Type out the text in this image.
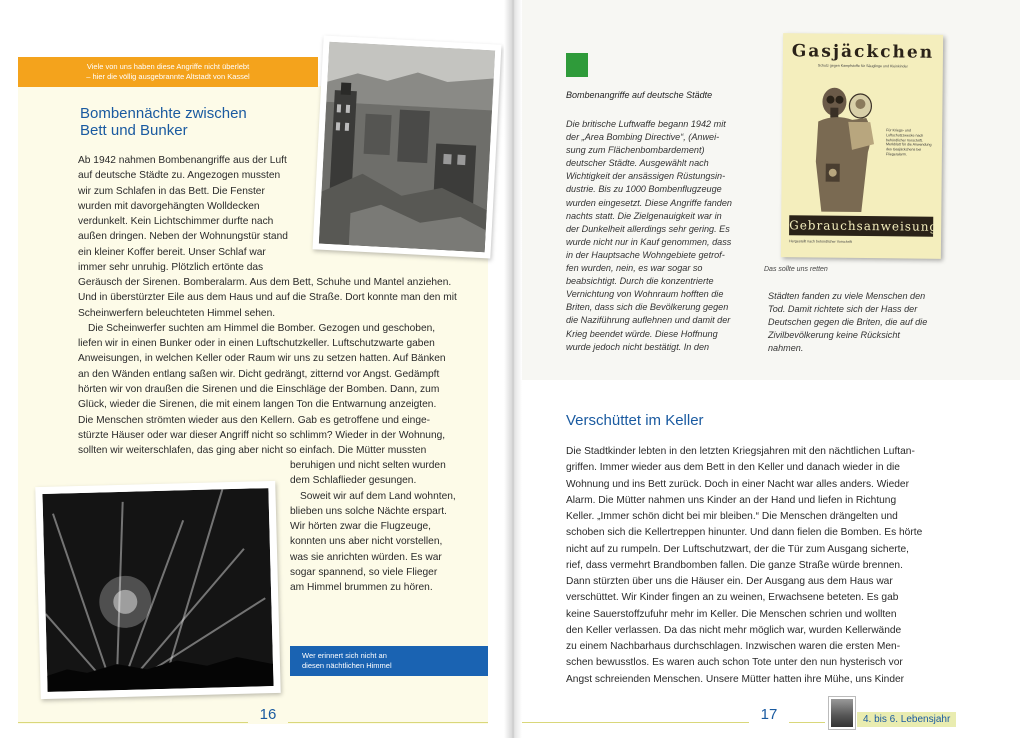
Viele von uns haben diese Angriffe nicht überlebt
– hier die völlig ausgebrannte Altstadt von Kassel
Bombennächte zwischen
Bett und Bunker
Ab 1942 nahmen Bombenangriffe aus der Luft
auf deutsche Städte zu. Angezogen mussten
wir zum Schlafen in das Bett. Die Fenster
wurden mit davorgehängten Wolldecken
verdunkelt. Kein Lichtschimmer durfte nach
außen dringen. Neben der Wohnungstür stand
ein kleiner Koffer bereit. Unser Schlaf war
immer sehr unruhig. Plötzlich ertönte das
Geräusch der Sirenen. Bomberalarm. Aus dem Bett, Schuhe und Mantel anziehen.
Und in überstürzter Eile aus dem Haus und auf die Straße. Dort konnte man den mit
Scheinwerfern beleuchteten Himmel sehen.
Die Scheinwerfer suchten am Himmel die Bomber. Gezogen und geschoben,
liefen wir in einen Bunker oder in einen Luftschutzkeller. Luftschutzwarte gaben
Anweisungen, in welchen Keller oder Raum wir uns zu setzen hatten. Auf Bänken
an den Wänden entlang saßen wir. Dicht gedrängt, zitternd vor Angst. Gedämpft
hörten wir von draußen die Sirenen und die Einschläge der Bomben. Dann, zum
Glück, wieder die Sirenen, die mit einem langen Ton die Entwarnung anzeigten.
Die Menschen strömten wieder aus den Kellern. Gab es getroffene und einge-
stürzte Häuser oder war dieser Angriff nicht so schlimm? Wieder in der Wohnung,
sollten wir weiterschlafen, das ging aber nicht so einfach. Die Mütter mussten
beruhigen und nicht selten wurden
dem Schlaflieder gesungen.
Soweit wir auf dem Land wohnten,
blieben uns solche Nächte erspart.
Wir hörten zwar die Flugzeuge,
konnten uns aber nicht vorstellen,
was sie anrichten würden. Es war
sogar spannend, so viele Flieger
am Himmel brummen zu hören.
Wer erinnert sich nicht an
diesen nächtlichen Himmel
16
Bombenangriffe auf deutsche Städte
Die britische Luftwaffe begann 1942 mit
der „Area Bombing Directive“, (Anwei-
sung zum Flächenbombardement)
deutscher Städte. Ausgewählt nach
Wichtigkeit der ansässigen Rüstungsin-
dustrie. Bis zu 1000 Bombenflugzeuge
wurden eingesetzt. Diese Angriffe fanden
nachts statt. Die Zielgenauigkeit war in
der Dunkelheit allerdings sehr gering. Es
wurde nicht nur in Kauf genommen, dass
in der Hauptsache Wohngebiete getrof-
fen wurden, nein, es war sogar so
beabsichtigt. Durch die konzentrierte
Vernichtung von Wohnraum hofften die
Briten, dass sich die Bevölkerung gegen
die Naziführung auflehnen und damit der
Krieg beendet würde. Diese Hoffnung
wurde jedoch nicht bestätigt. In den
Städten fanden zu viele Menschen den
Tod. Damit richtete sich der Hass der
Deutschen gegen die Briten, die auf die
Zivilbevölkerung keine Rücksicht
nahmen.
Gasjäckchen
Schutz gegen Kampfstoffe für Säuglinge und Kleinkinder
Für Kriegs- und Luftschutzzwecke nach behördlicher Vorschrift. Merkblatt für die Anwendung des Gasjäckchens bei Fliegeralarm.
Gebrauchsanweisung
Hergestellt nach behördlicher Vorschrift
Das sollte uns retten
Verschüttet im Keller
Die Stadtkinder lebten in den letzten Kriegsjahren mit den nächtlichen Luftan-
griffen. Immer wieder aus dem Bett in den Keller und danach wieder in die
Wohnung und ins Bett zurück. Doch in einer Nacht war alles anders. Wieder
Alarm. Die Mütter nahmen uns Kinder an der Hand und liefen in Richtung
Keller. „Immer schön dicht bei mir bleiben.“ Die Menschen drängelten und
schoben sich die Kellertreppen hinunter. Und dann fielen die Bomben. Es hörte
nicht auf zu rumpeln. Der Luftschutzwart, der die Tür zum Ausgang sicherte,
rief, dass vermehrt Brandbomben fallen. Die ganze Straße würde brennen.
Dann stürzten über uns die Häuser ein. Der Ausgang aus dem Haus war
verschüttet. Wir Kinder fingen an zu weinen, Erwachsene beteten. Es gab
keine Sauerstoffzufuhr mehr im Keller. Die Menschen schrien und wollten
den Keller verlassen. Da das nicht mehr möglich war, wurden Kellerwände
zu einem Nachbarhaus durchschlagen. Inzwischen waren die ersten Men-
schen bewusstlos. Es waren auch schon Tote unter den nun hysterisch vor
Angst schreienden Menschen. Unsere Mütter hatten ihre Mühe, uns Kinder
17	4. bis 6. Lebensjahr
